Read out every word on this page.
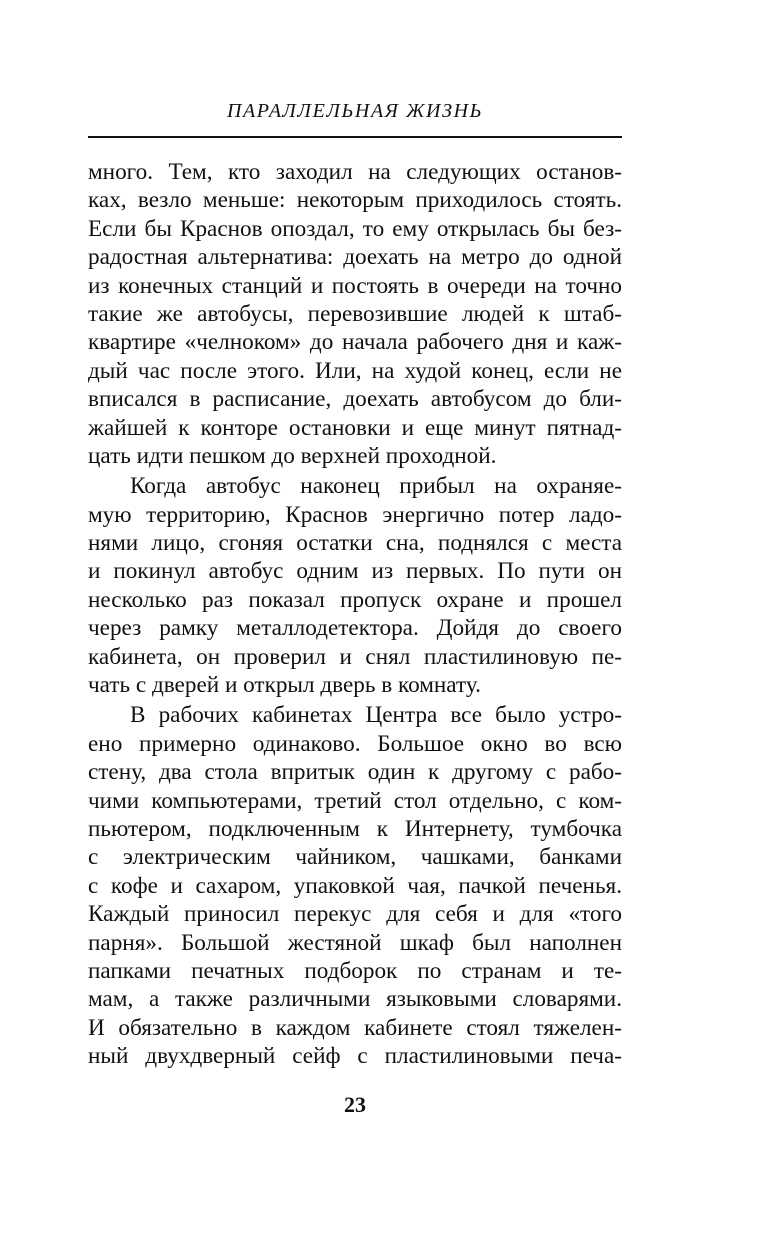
ПАРАЛЛЕЛЬНАЯ ЖИЗНЬ
много. Тем, кто заходил на следующих останов-
ках, везло меньше: некоторым приходилось стоять.
Если бы Краснов опоздал, то ему открылась бы без-
радостная альтернатива: доехать на метро до одной
из конечных станций и постоять в очереди на точно
такие же автобусы, перевозившие людей к штаб-
квартире «челноком» до начала рабочего дня и каж-
дый час после этого. Или, на худой конец, если не
вписался в расписание, доехать автобусом до бли-
жайшей к конторе остановки и еще минут пятнад-
цать идти пешком до верхней проходной.
Когда автобус наконец прибыл на охраняе-
мую территорию, Краснов энергично потер ладо-
нями лицо, сгоняя остатки сна, поднялся с места
и покинул автобус одним из первых. По пути он
несколько раз показал пропуск охране и прошел
через рамку металлодетектора. Дойдя до своего
кабинета, он проверил и снял пластилиновую пе-
чать с дверей и открыл дверь в комнату.
В рабочих кабинетах Центра все было устро-
ено примерно одинаково. Большое окно во всю
стену, два стола впритык один к другому с рабо-
чими компьютерами, третий стол отдельно, с ком-
пьютером, подключенным к Интернету, тумбочка
с электрическим чайником, чашками, банками
с кофе и сахаром, упаковкой чая, пачкой печенья.
Каждый приносил перекус для себя и для «того
парня». Большой жестяной шкаф был наполнен
папками печатных подборок по странам и те-
мам, а также различными языковыми словарями.
И обязательно в каждом кабинете стоял тяжелен-
ный двухдверный сейф с пластилиновыми печа-
23
